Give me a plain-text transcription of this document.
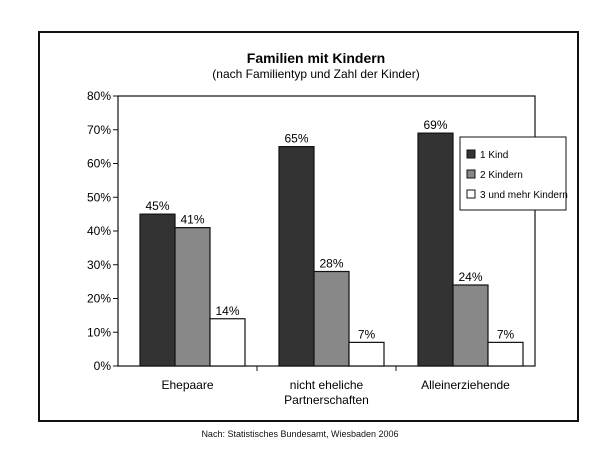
Familien mit Kindern
(nach Familientyp und Zahl der Kinder)
0%
10%
20%
30%
40%
50%
60%
70%
80%
45%
41%
14%
Ehepaare
65%
28%
7%
nicht eheliche
Partnerschaften
69%
24%
7%
Alleinerziehende
1 Kind
2 Kindern
3 und mehr Kindern
Nach: Statistisches Bundesamt, Wiesbaden 2006
